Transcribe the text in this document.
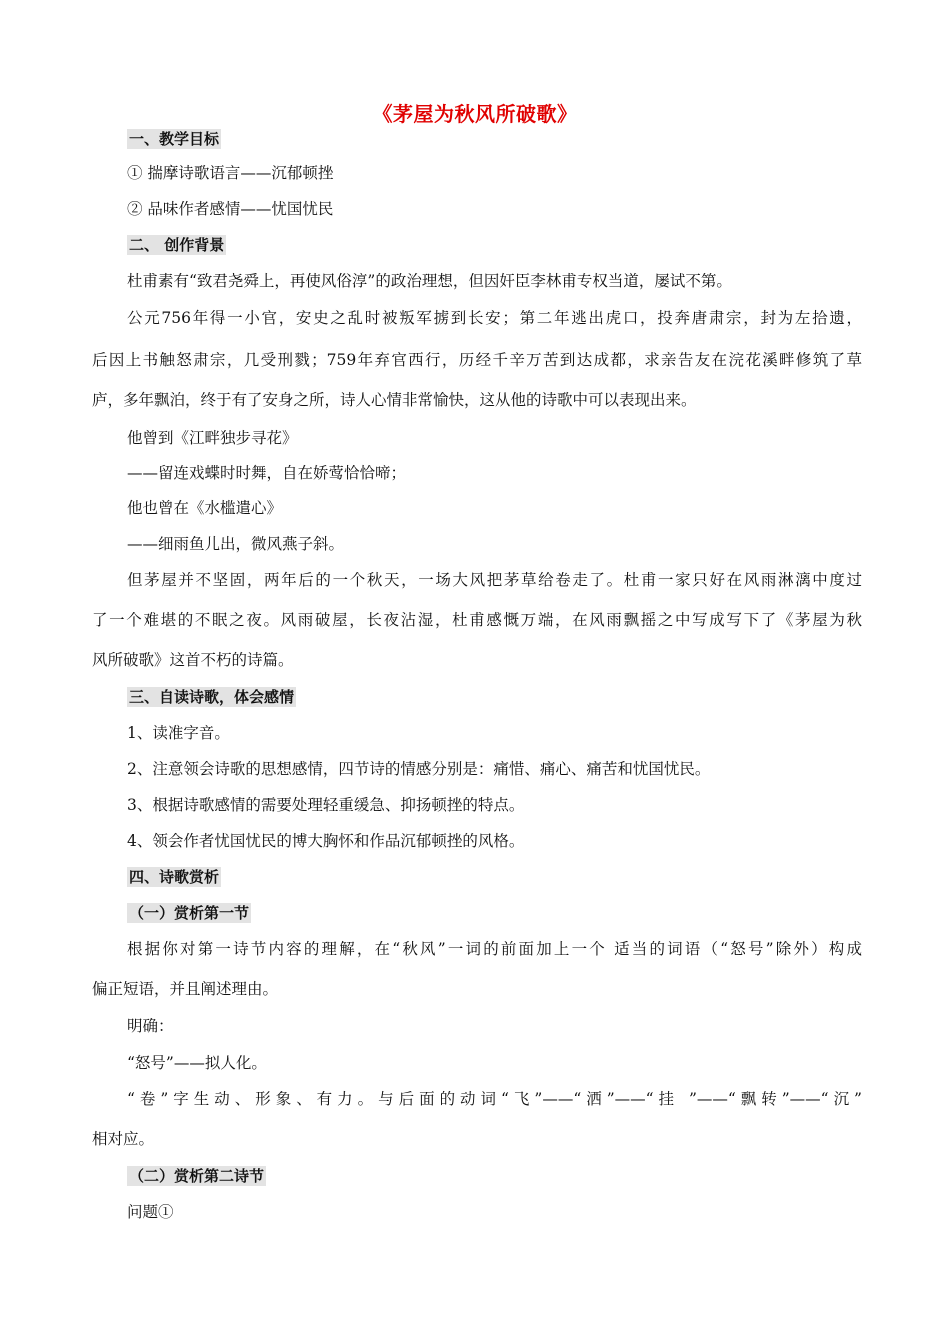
《茅屋为秋风所破歌》
一、教学目标
① 揣摩诗歌语言——沉郁顿挫
② 品味作者感情——忧国忧民
二、 创作背景
杜甫素有“致君尧舜上，再使风俗淳”的政治理想，但因奸臣李林甫专权当道，屡试不第。
公元756年得一小官，安史之乱时被叛军掳到长安；第二年逃出虎口，投奔唐肃宗，封为左拾遗，
后因上书触怒肃宗，几受刑戮；759年弃官西行，历经千辛万苦到达成都，求亲告友在浣花溪畔修筑了草
庐，多年飘泊，终于有了安身之所，诗人心情非常愉快，这从他的诗歌中可以表现出来。
他曾到《江畔独步寻花》
——留连戏蝶时时舞，自在娇莺恰恰啼；
他也曾在《水槛遣心》
——细雨鱼儿出，微风燕子斜。
但茅屋并不坚固，两年后的一个秋天，一场大风把茅草给卷走了。杜甫一家只好在风雨淋漓中度过
了一个难堪的不眠之夜。风雨破屋，长夜沾湿，杜甫感慨万端，在风雨飘摇之中写成写下了《茅屋为秋
风所破歌》这首不朽的诗篇。
三、自读诗歌，体会感情
1、读准字音。
2、注意领会诗歌的思想感情，四节诗的情感分别是：痛惜、痛心、痛苦和忧国忧民。
3、根据诗歌感情的需要处理轻重缓急、抑扬顿挫的特点。
4、领会作者忧国忧民的博大胸怀和作品沉郁顿挫的风格。
四、诗歌赏析
（一）赏析第一节
根据你对第一诗节内容的理解，在“秋风”一词的前面加上一个 适当的词语（“怒号”除外）构成
偏正短语，并且阐述理由。
明确：
“怒号”——拟人化。
“卷”字生动、形象、有力。与后面的动词“飞”——“洒”——“挂 ”——“飘转”——“沉”
相对应。
（二）赏析第二诗节
问题①
